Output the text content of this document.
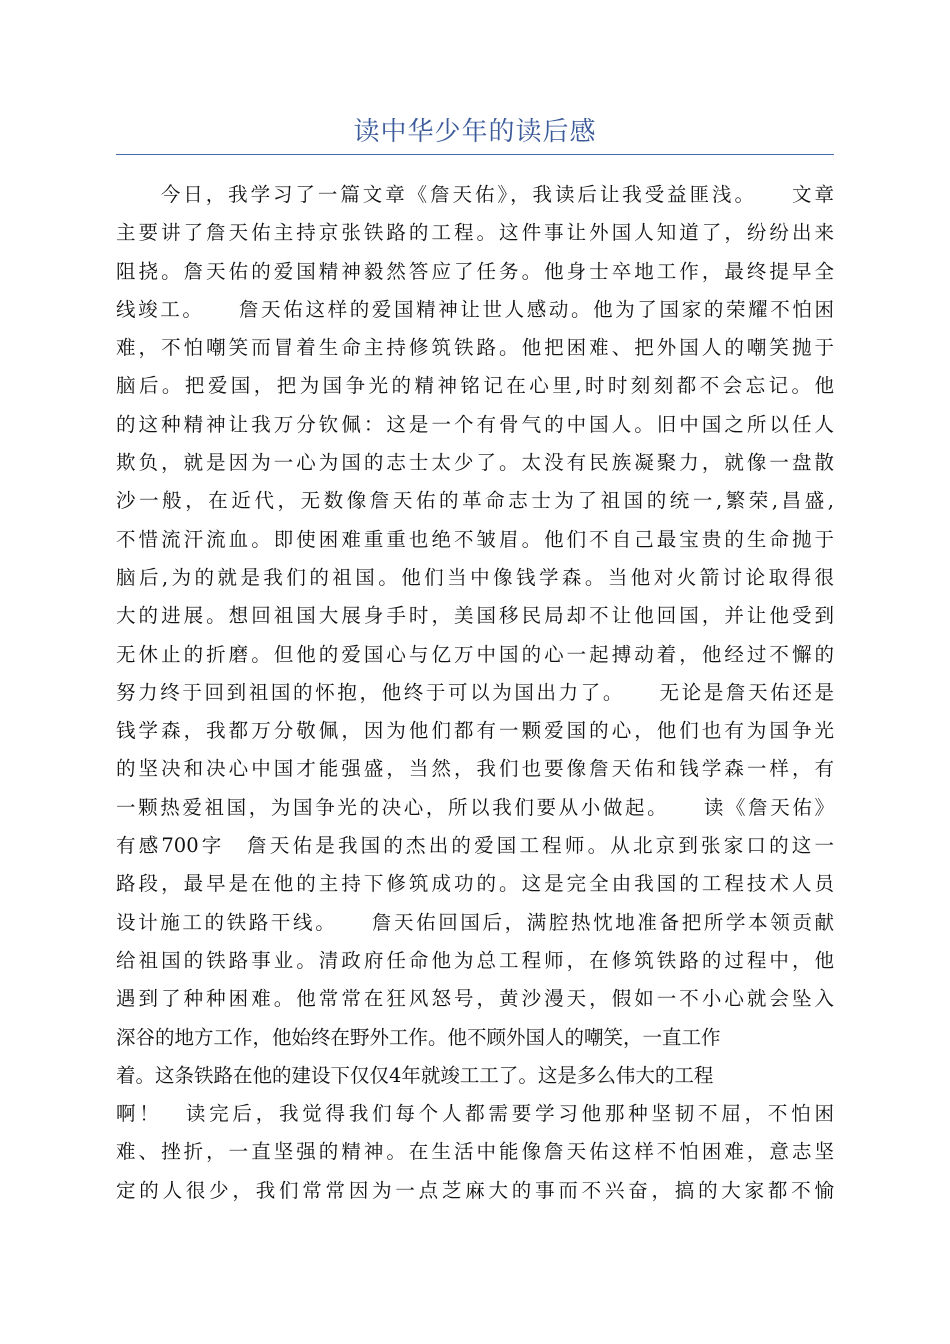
读中华少年的读后感
　　今日，我学习了一篇文章《詹天佑》，我读后让我受益匪浅。　　文章
主要讲了詹天佑主持京张铁路的工程。这件事让外国人知道了，纷纷出来
阻挠。詹天佑的爱国精神毅然答应了任务。他身士卒地工作，最终提早全
线竣工。　　詹天佑这样的爱国精神让世人感动。他为了国家的荣耀不怕困
难，不怕嘲笑而冒着生命主持修筑铁路。他把困难、把外国人的嘲笑抛于
脑后。把爱国，把为国争光的精神铭记在心里,时时刻刻都不会忘记。他
的这种精神让我万分钦佩：这是一个有骨气的中国人。旧中国之所以任人
欺负，就是因为一心为国的志士太少了。太没有民族凝聚力，就像一盘散
沙一般，在近代，无数像詹天佑的革命志士为了祖国的统一,繁荣,昌盛,
不惜流汗流血。即使困难重重也绝不皱眉。他们不自己最宝贵的生命抛于
脑后,为的就是我们的祖国。他们当中像钱学森。当他对火箭讨论取得很
大的进展。想回祖国大展身手时，美国移民局却不让他回国，并让他受到
无休止的折磨。但他的爱国心与亿万中国的心一起搏动着，他经过不懈的
努力终于回到祖国的怀抱，他终于可以为国出力了。　　无论是詹天佑还是
钱学森，我都万分敬佩，因为他们都有一颗爱国的心，他们也有为国争光
的坚决和决心中国才能强盛，当然，我们也要像詹天佑和钱学森一样，有
一颗热爱祖国，为国争光的决心，所以我们要从小做起。　　读《詹天佑》
有感700字　詹天佑是我国的杰出的爱国工程师。从北京到张家口的这一
路段，最早是在他的主持下修筑成功的。这是完全由我国的工程技术人员
设计施工的铁路干线。　　詹天佑回国后，满腔热忱地准备把所学本领贡献
给祖国的铁路事业。清政府任命他为总工程师，在修筑铁路的过程中，他
遇到了种种困难。他常常在狂风怒号，黄沙漫天，假如一不小心就会坠入
深谷的地方工作，他始终在野外工作。他不顾外国人的嘲笑，一直工作
着。这条铁路在他的建设下仅仅4年就竣工工了。这是多么伟大的工程
啊！　读完后，我觉得我们每个人都需要学习他那种坚韧不屈，不怕困
难、挫折，一直坚强的精神。在生活中能像詹天佑这样不怕困难，意志坚
定的人很少，我们常常因为一点芝麻大的事而不兴奋，搞的大家都不愉
